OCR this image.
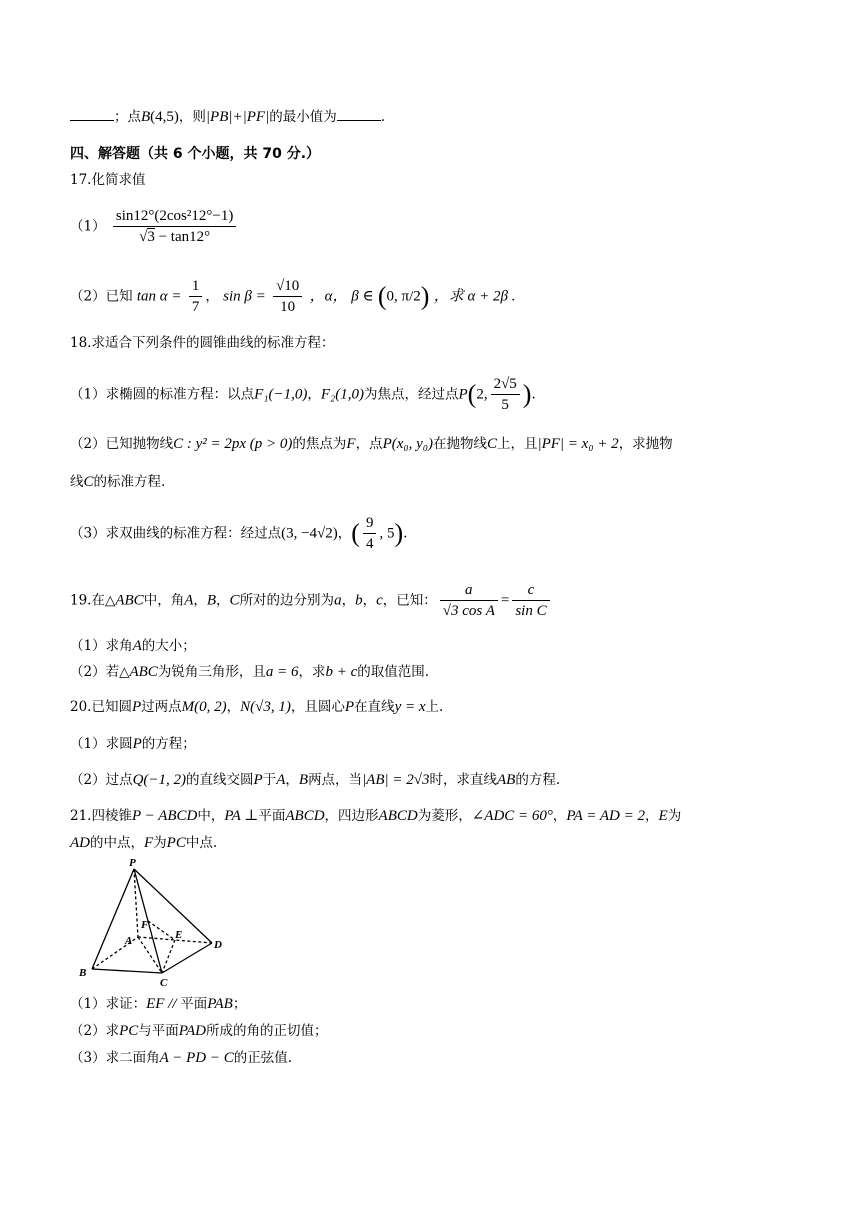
；点B(4,5)，则|PB|+|PF|的最小值为	.
四、解答题（共 6 个小题，共 70 分.）
17.化简求值
$(1) \frac{\text{sin12°(2cos²12°−1)}}{√3 - \tan 12^\circ}$
（2）已知 $\tan \alpha = \frac{1}{7}$ ， $\sin \beta = \frac{√10}{10}$ ，α， β ∈ (0, π/2) ，求 α + 2β .
18.求适合下列条件的圆锥曲线的标准方程：
（1）求椭圆的标准方程：以点F₁(−1,0)，F₂(1,0)为焦点，经过点P(2, $\frac{2√5}{5}$ ).
（2）已知抛物线C : y² = 2px (p > 0)的焦点为F，点P(x₀, y₀)在抛物线C上，且|PF| = x₀ + 2，求抛物
线C的标准方程.
（3）求双曲线的标准方程：经过点(3, −4√2)，( $\frac{9}{4}$ , 5).
19.在△ABC中，角A，B，C所对的边分别为a，b，c，已知： $\frac{a}{\text{√3 cos A}} = \frac{c}{\text{sin C}}$
（1）求角A的大小；
（2）若△ABC为锐角三角形，且a = 6，求b + c的取值范围.
20.已知圆P过两点M(0, 2)，N(√3, 1)，且圆心P在直线y = x上.
（1）求圆P的方程；
（2）过点Q(−1, 2)的直线交圆P于A，B两点，当|AB| = 2√3时，求直线AB的方程.
21.四棱锥P − ABCD中，PA ⊥平面ABCD，四边形ABCD为菱形，∠ADC = 60°，PA = AD = 2，E为
AD的中点，F为PC中点.
P
A
B
C
D
E
F
（1）求证：EF // 平面PAB；
（2）求PC与平面PAD所成的角的正切值；
（3）求二面角A − PD − C的正弦值.
